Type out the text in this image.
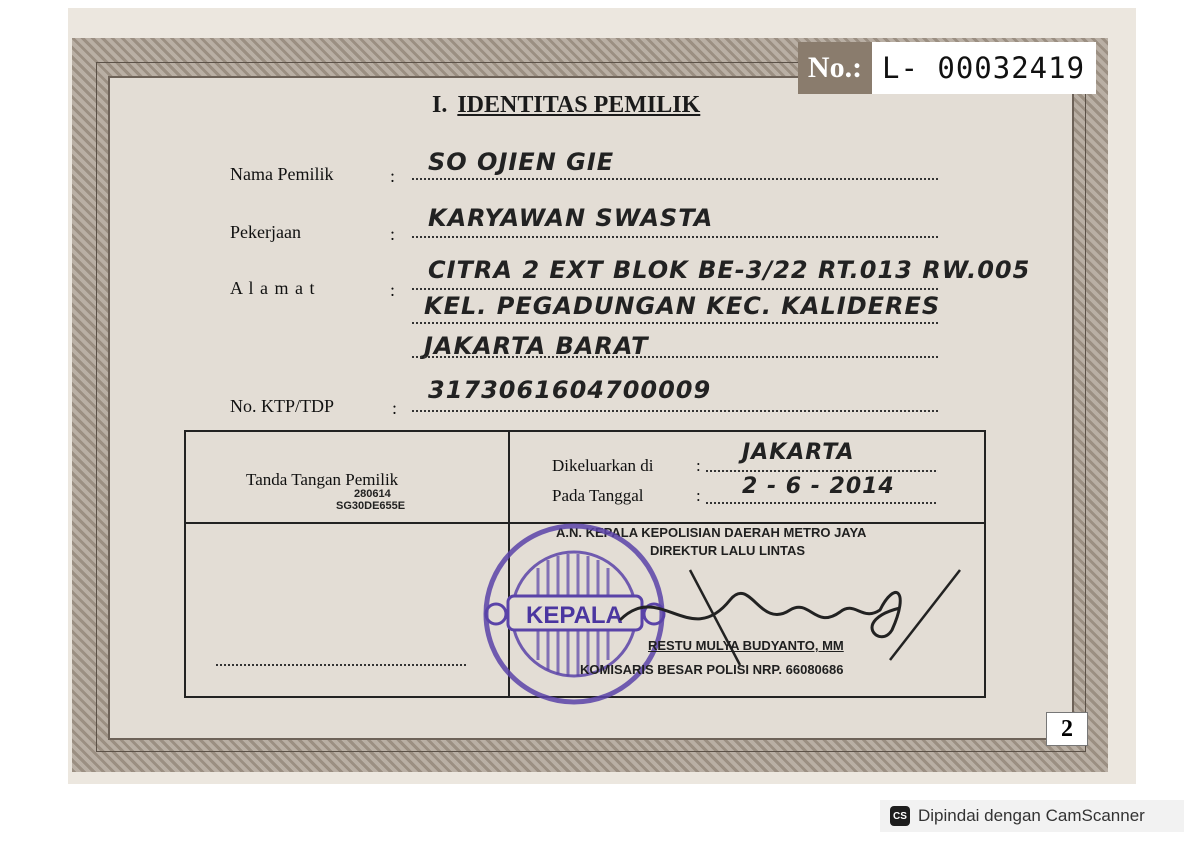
No.: L- 00032419
I. IDENTITAS PEMILIK
Nama Pemilik	: SO OJIEN GIE
Pekerjaan	:
KARYAWAN SWASTA
A l a m a t	:
CITRA 2 EXT BLOK BE-3/22 RT.013 RW.005
KEL. PEGADUNGAN KEC. KALIDERES
JAKARTA BARAT
No. KTP/TDP	:
3173061604700009
Tanda Tangan Pemilik
280614
SG30DE655E
Dikeluarkan di	:
JAKARTA
Pada Tanggal	: 2 - 6 - 2014
A.N. KEPALA KEPOLISIAN DAERAH METRO JAYA
DIREKTUR LALU LINTAS
KEPALA
RESTU MULYA BUDYANTO, MM
KOMISARIS BESAR POLISI NRP. 66080686
2
CS Dipindai dengan CamScanner
